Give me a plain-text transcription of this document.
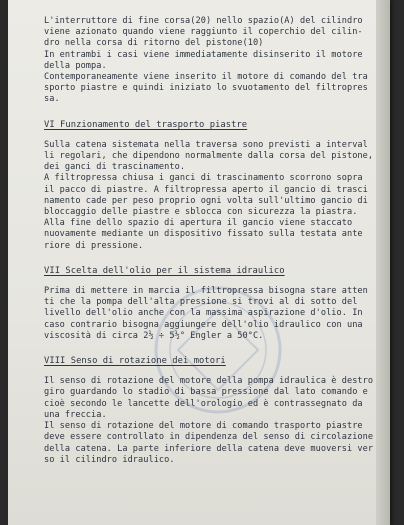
L'interruttore di fine corsa(20) nello spazio(A) del cilindro

viene azionato quando viene raggiunto il coperchio del cilin-

dro nella corsa di ritorno del pistone(10)

In entrambi i casi viene immediatamente disinserito il motore

della pompa.

Contemporaneamente viene inserito il motore di comando del tra

sporto piastre e quindi iniziato lo svuotamento del filtropres

sa.

VI Funzionamento del trasporto piastre

Sulla catena sistemata nella traversa sono previsti a interval

li regolari, che dipendono normalmente dalla corsa del pistone,

dei ganci di trascinamento.

A filtropressa chiusa i ganci di trascinamento scorrono sopra

il pacco di piastre. A filtropressa aperto il gancio di trasci

namento cade per peso proprio ogni volta sull'ultimo gancio di

bloccaggio delle piastre e sblocca con sicurezza la piastra.

Alla fine dello spazio di apertura il gancio viene staccato

nuovamente mediante un dispositivo fissato sulla testata ante

riore di pressione.

VII Scelta dell'olio per il sistema idraulico

Prima di mettere in marcia il filtropressa bisogna stare atten

ti che la pompa dell'alta pressione si trovi al di sotto del

livello dell'olio anche con la massima aspirazione d'olio. In

caso contrario bisogna aggiungere dell'olio idraulico con una

viscosità di circa 2½ ÷ 5½° Engler a 50°C.

VIII Senso di rotazione dei motori

Il senso di rotazione del motore della pompa idraulica è destro

giro guardando lo stadio di bassa pressione dal lato comando e

cioè secondo le lancette dell'orologio ed è contrassegnato da

una freccia.

Il senso di rotazione del motore di comando trasporto piastre

deve essere controllato in dipendenza del senso di circolazione

della catena. La parte inferiore della catena deve muoversi ver

so il cilindro idraulico.
